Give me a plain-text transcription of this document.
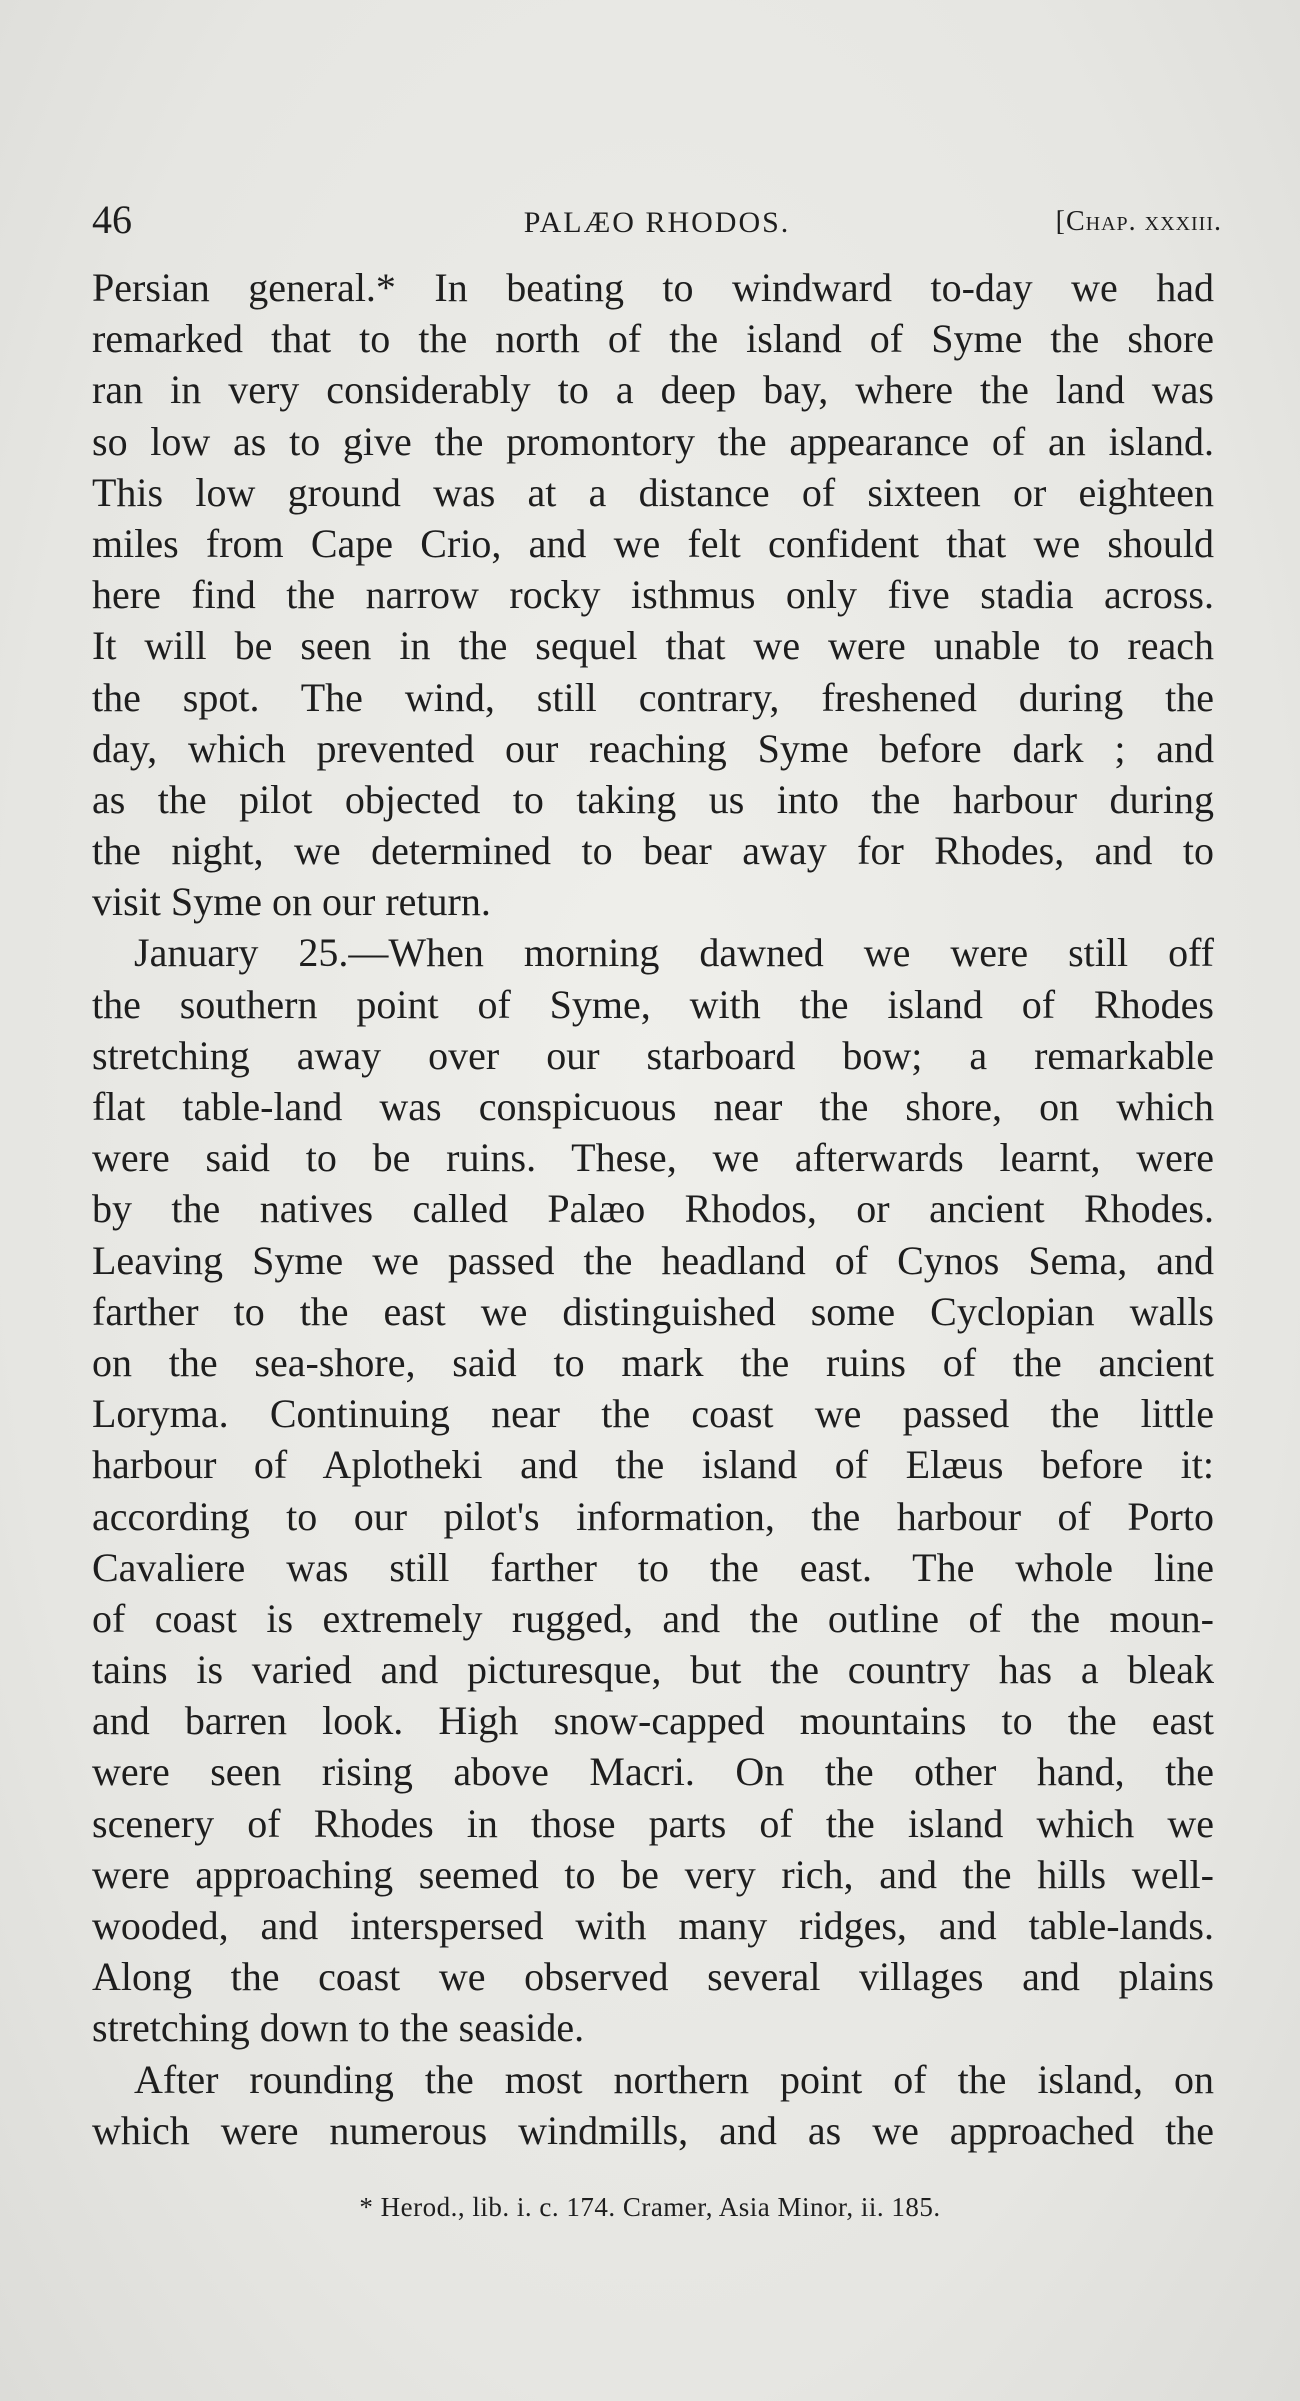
46	PALÆO RHODOS.	[Chap. xxxiii.
Persian general.* In beating to windward to-day we had
remarked that to the north of the island of Syme the shore
ran in very considerably to a deep bay, where the land was
so low as to give the promontory the appearance of an island.
This low ground was at a distance of sixteen or eighteen
miles from Cape Crio, and we felt confident that we should
here find the narrow rocky isthmus only five stadia across.
It will be seen in the sequel that we were unable to reach
the spot. The wind, still contrary, freshened during the
day, which prevented our reaching Syme before dark ; and
as the pilot objected to taking us into the harbour during
the night, we determined to bear away for Rhodes, and to
visit Syme on our return.
January 25.—When morning dawned we were still off
the southern point of Syme, with the island of Rhodes
stretching away over our starboard bow; a remarkable
flat table-land was conspicuous near the shore, on which
were said to be ruins. These, we afterwards learnt, were
by the natives called Palæo Rhodos, or ancient Rhodes.
Leaving Syme we passed the headland of Cynos Sema, and
farther to the east we distinguished some Cyclopian walls
on the sea-shore, said to mark the ruins of the ancient
Loryma. Continuing near the coast we passed the little
harbour of Aplotheki and the island of Elæus before it:
according to our pilot's information, the harbour of Porto
Cavaliere was still farther to the east. The whole line
of coast is extremely rugged, and the outline of the moun-
tains is varied and picturesque, but the country has a bleak
and barren look. High snow-capped mountains to the east
were seen rising above Macri. On the other hand, the
scenery of Rhodes in those parts of the island which we
were approaching seemed to be very rich, and the hills well-
wooded, and interspersed with many ridges, and table-lands.
Along the coast we observed several villages and plains
stretching down to the seaside.
After rounding the most northern point of the island, on
which were numerous windmills, and as we approached the
* Herod., lib. i. c. 174. Cramer, Asia Minor, ii. 185.
